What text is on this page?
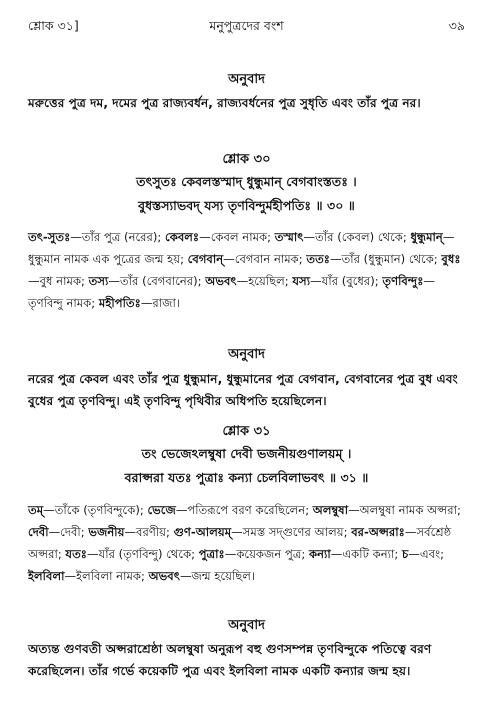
শ্লোক ৩১]	মনুপুত্রদের বংশ	৩৯
অনুবাদ
মরুত্তের পুত্র দম, দমের পুত্র রাজ্যবর্ধন, রাজ্যবর্ধনের পুত্র সুধৃতি এবং তাঁর পুত্র নর।
শ্লোক ৩০
তৎসুতঃ কেবলস্তস্মাদ্ ধুন্ধুমান্ বেগবাংস্ততঃ ।
বুধস্তস্যাভবদ্ যস্য তৃণবিন্দুর্মহীপতিঃ ॥ ৩০ ॥
তৎ-সুতঃ—তাঁর পুত্র (নরের); কেবলঃ—কেবল নামক; তস্মাৎ—তাঁর (কেবল) থেকে; ধুন্ধুমান্—ধুন্ধুমান নামক এক পুত্রের জন্ম হয়; বেগবান্—বেগবান নামক; ততঃ—তাঁর (ধুন্ধুমান) থেকে; বুধঃ—বুধ নামক; তস্য—তাঁর (বেগবানের); অভবৎ—হয়েছিল; যস্য—যাঁর (বুধের); তৃণবিন্দুঃ—তৃণবিন্দু নামক; মহীপতিঃ—রাজা।
অনুবাদ
নরের পুত্র কেবল এবং তাঁর পুত্র ধুন্ধুমান, ধুন্ধুমানের পুত্র বেগবান, বেগবানের পুত্র বুধ এবং বুধের পুত্র তৃণবিন্দু। এই তৃণবিন্দু পৃথিবীর অধিপতি হয়েছিলেন।
শ্লোক ৩১
তং ভেজেঽলম্বুষা দেবী ভজনীয়গুণালয়ম্ ।
বরাপ্সরা যতঃ পুত্রাঃ কন্যা চেলবিলাভবৎ ॥ ৩১ ॥
তম্—তাঁকে (তৃণবিন্দুকে); ভেজে—পতিরূপে বরণ করেছিলেন; অলম্বুষা—অলম্বুষা নামক অপ্সরা; দেবী—দেবী; ভজনীয়—বরণীয়; গুণ-আলয়ম্—সমস্ত সদ্গুণের আলয়; বর-অপ্সরাঃ—সর্বশ্রেষ্ঠ অপ্সরা; যতঃ—যাঁর (তৃণবিন্দু) থেকে; পুত্রাঃ—কয়েকজন পুত্র; কন্যা—একটি কন্যা; চ—এবং; ইলবিলা—ইলবিলা নামক; অভবৎ—জন্ম হয়েছিল।
অনুবাদ
অত্যন্ত গুণবতী অপ্সরাশ্রেষ্ঠা অলম্বুষা অনুরূপ বহু গুণসম্পন্ন তৃণবিন্দুকে পতিত্বে বরণ করেছিলেন। তাঁর গর্ভে কয়েকটি পুত্র এবং ইলবিলা নামক একটি কন্যার জন্ম হয়।
